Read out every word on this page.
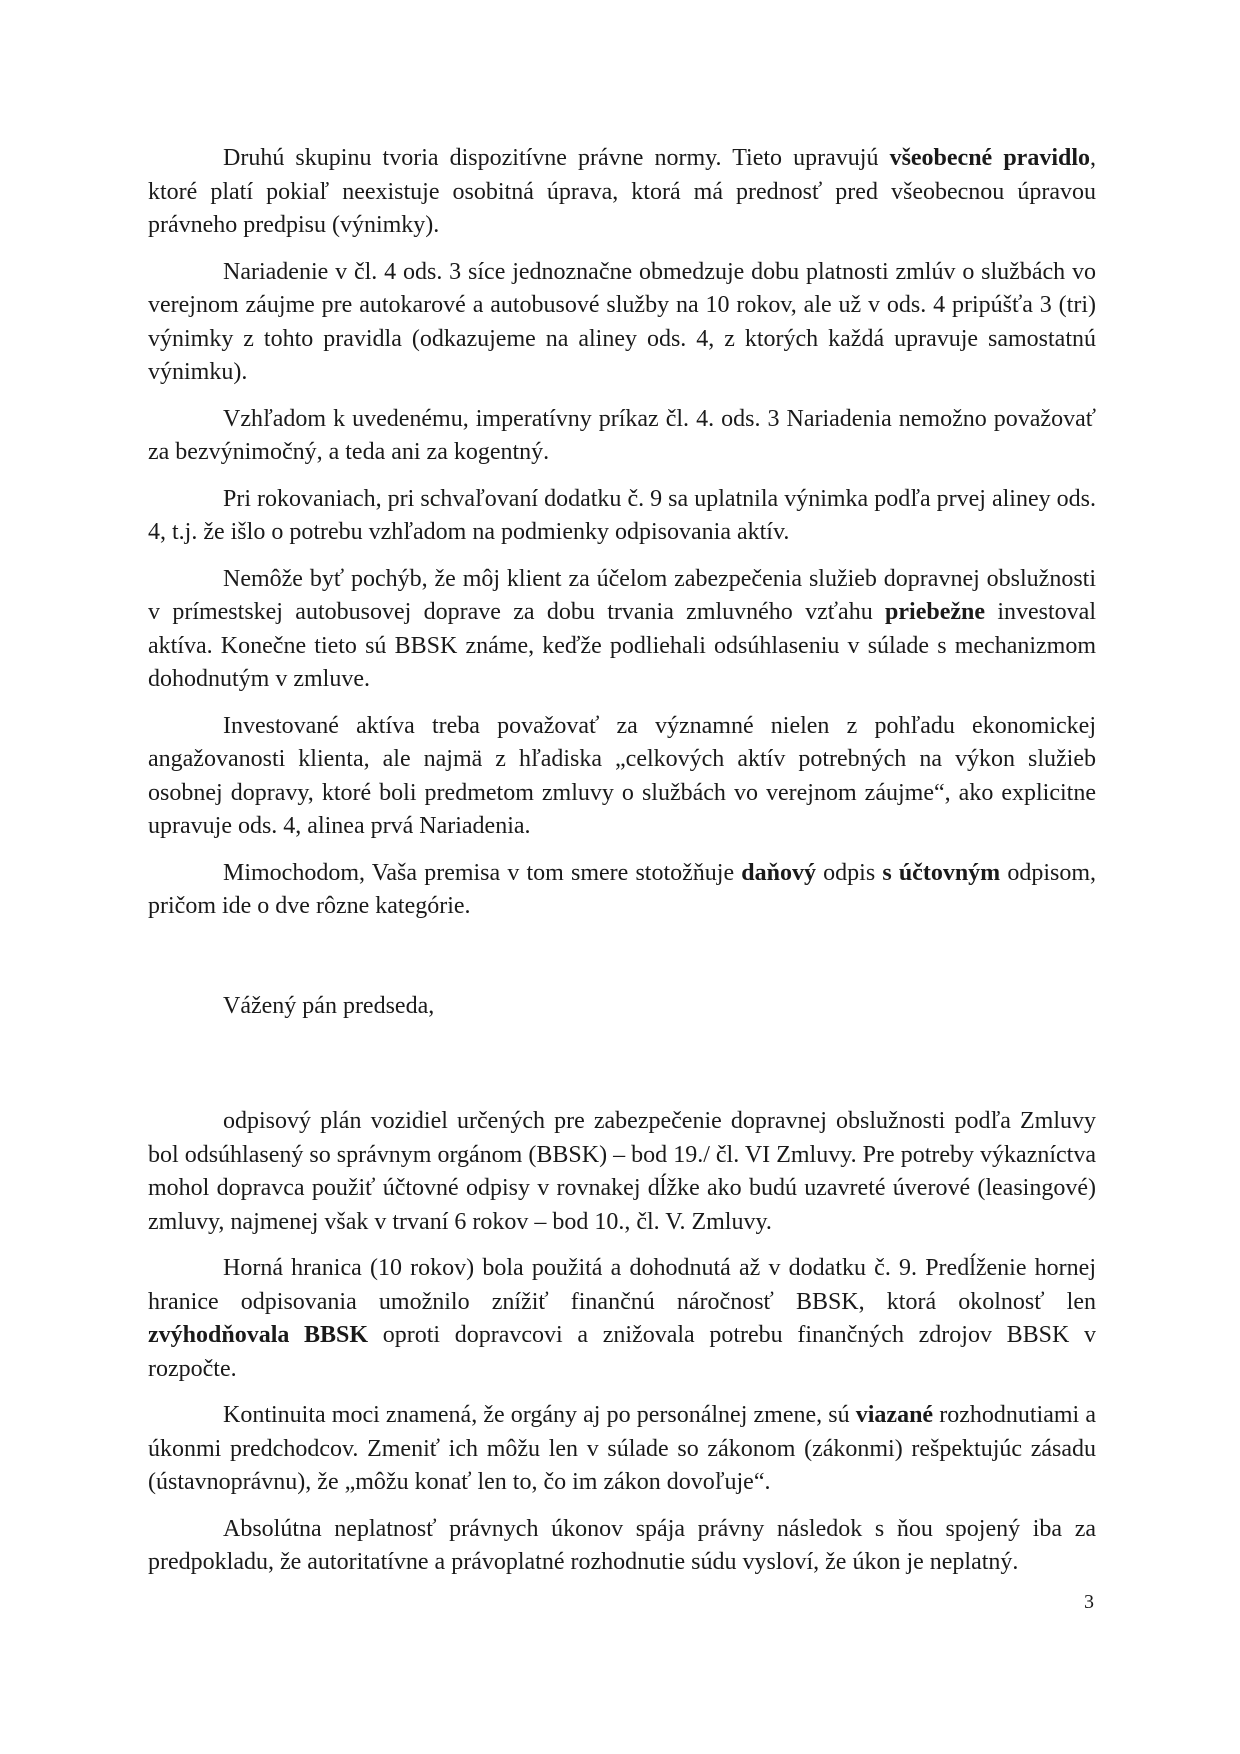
Druhú skupinu tvoria dispozitívne právne normy. Tieto upravujú všeobecné pravidlo, ktoré platí pokiaľ neexistuje osobitná úprava, ktorá má prednosť pred všeobecnou úpravou právneho predpisu (výnimky).

Nariadenie v čl. 4 ods. 3 síce jednoznačne obmedzuje dobu platnosti zmlúv o službách vo verejnom záujme pre autokarové a autobusové služby na 10 rokov, ale už v ods. 4 pripúšťa 3 (tri) výnimky z tohto pravidla (odkazujeme na aliney ods. 4, z ktorých každá upravuje samostatnú výnimku).

Vzhľadom k uvedenému, imperatívny príkaz čl. 4. ods. 3 Nariadenia nemožno považovať za bezvýnimočný, a teda ani za kogentný.

Pri rokovaniach, pri schvaľovaní dodatku č. 9 sa uplatnila výnimka podľa prvej aliney ods. 4, t.j. že išlo o potrebu vzhľadom na podmienky odpisovania aktív.

Nemôže byť pochýb, že môj klient za účelom zabezpečenia služieb dopravnej obslužnosti v prímestskej autobusovej doprave za dobu trvania zmluvného vzťahu priebežne investoval aktíva. Konečne tieto sú BBSK známe, keďže podliehali odsúhlaseniu v súlade s mechanizmom dohodnutým v zmluve.

Investované aktíva treba považovať za významné nielen z pohľadu ekonomickej angažovanosti klienta, ale najmä z hľadiska „celkových aktív potrebných na výkon služieb osobnej dopravy, ktoré boli predmetom zmluvy o službách vo verejnom záujme“, ako explicitne upravuje ods. 4, alinea prvá Nariadenia.

Mimochodom, Vaša premisa v tom smere stotožňuje daňový odpis s účtovným odpisom, pričom ide o dve rôzne kategórie.

Vážený pán predseda,

odpisový plán vozidiel určených pre zabezpečenie dopravnej obslužnosti podľa Zmluvy bol odsúhlasený so správnym orgánom (BBSK) – bod 19./ čl. VI Zmluvy. Pre potreby výkazníctva mohol dopravca použiť účtovné odpisy v rovnakej dĺžke ako budú uzavreté úverové (leasingové) zmluvy, najmenej však v trvaní 6 rokov – bod 10., čl. V. Zmluvy.

Horná hranica (10 rokov) bola použitá a dohodnutá až v dodatku č. 9. Predĺženie hornej hranice odpisovania umožnilo znížiť finančnú náročnosť BBSK, ktorá okolnosť len zvýhodňovala BBSK oproti dopravcovi a znižovala potrebu finančných zdrojov BBSK v rozpočte.

Kontinuita moci znamená, že orgány aj po personálnej zmene, sú viazané rozhodnutiami a úkonmi predchodcov. Zmeniť ich môžu len v súlade so zákonom (zákonmi) rešpektujúc zásadu (ústavnoprávnu), že „môžu konať len to, čo im zákon dovoľuje“.

Absolútna neplatnosť právnych úkonov spája právny následok s ňou spojený iba za predpokladu, že autoritatívne a právoplatné rozhodnutie súdu vysloví, že úkon je neplatný.

3
